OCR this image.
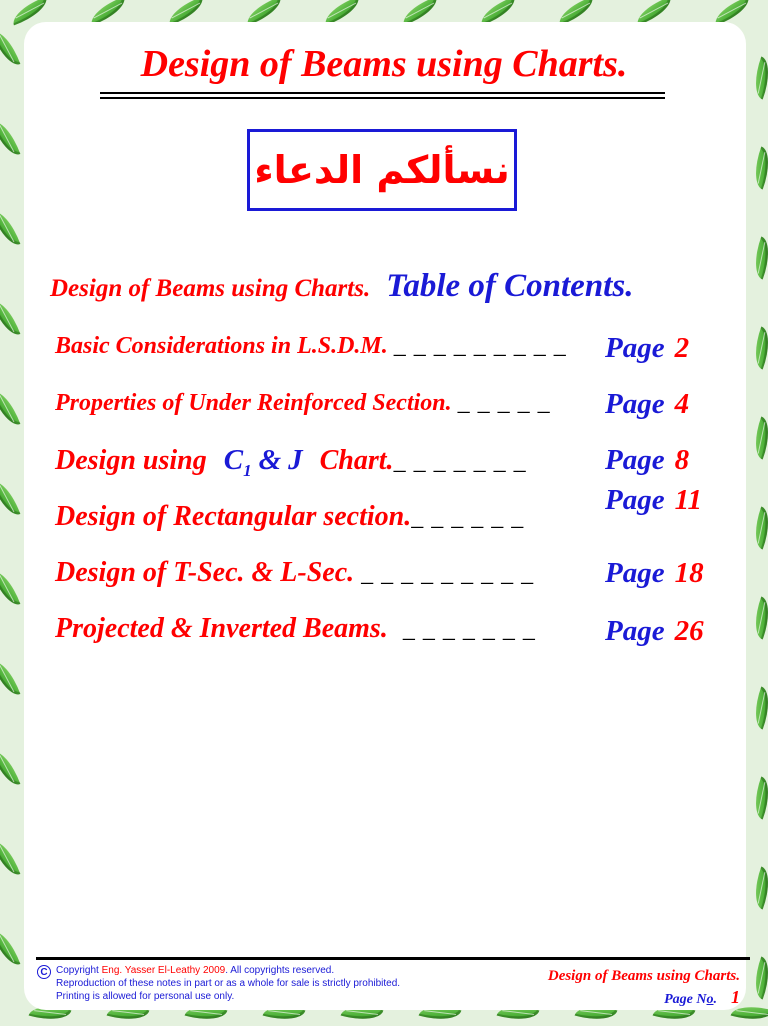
Design of Beams using Charts.
نسألكم الدعاء
Design of Beams using Charts. Table of Contents.
Basic Considerations in L.S.D.M. _ _ _ _ _ _ _ _ _ Page 2
Properties of Under Reinforced Section. _ _ _ _ _ Page 4
Design using $C_1$ & J Chart._ _ _ _ _ _ _	Page 8
Design of Rectangular section._ _ _ _ _ _
Page 11
Design of T-Sec. & L-Sec. _ _ _ _ _ _ _ _ _ Page 18
Projected & Inverted Beams. _ _ _ _ _ _ _ Page 26
C Copyright Eng. Yasser El-Leathy 2009. All copyrights reserved.
Reproduction of these notes in part or as a whole for sale is strictly prohibited.
Printing is allowed for personal use only.
Design of Beams using Charts.
Page No. 1
